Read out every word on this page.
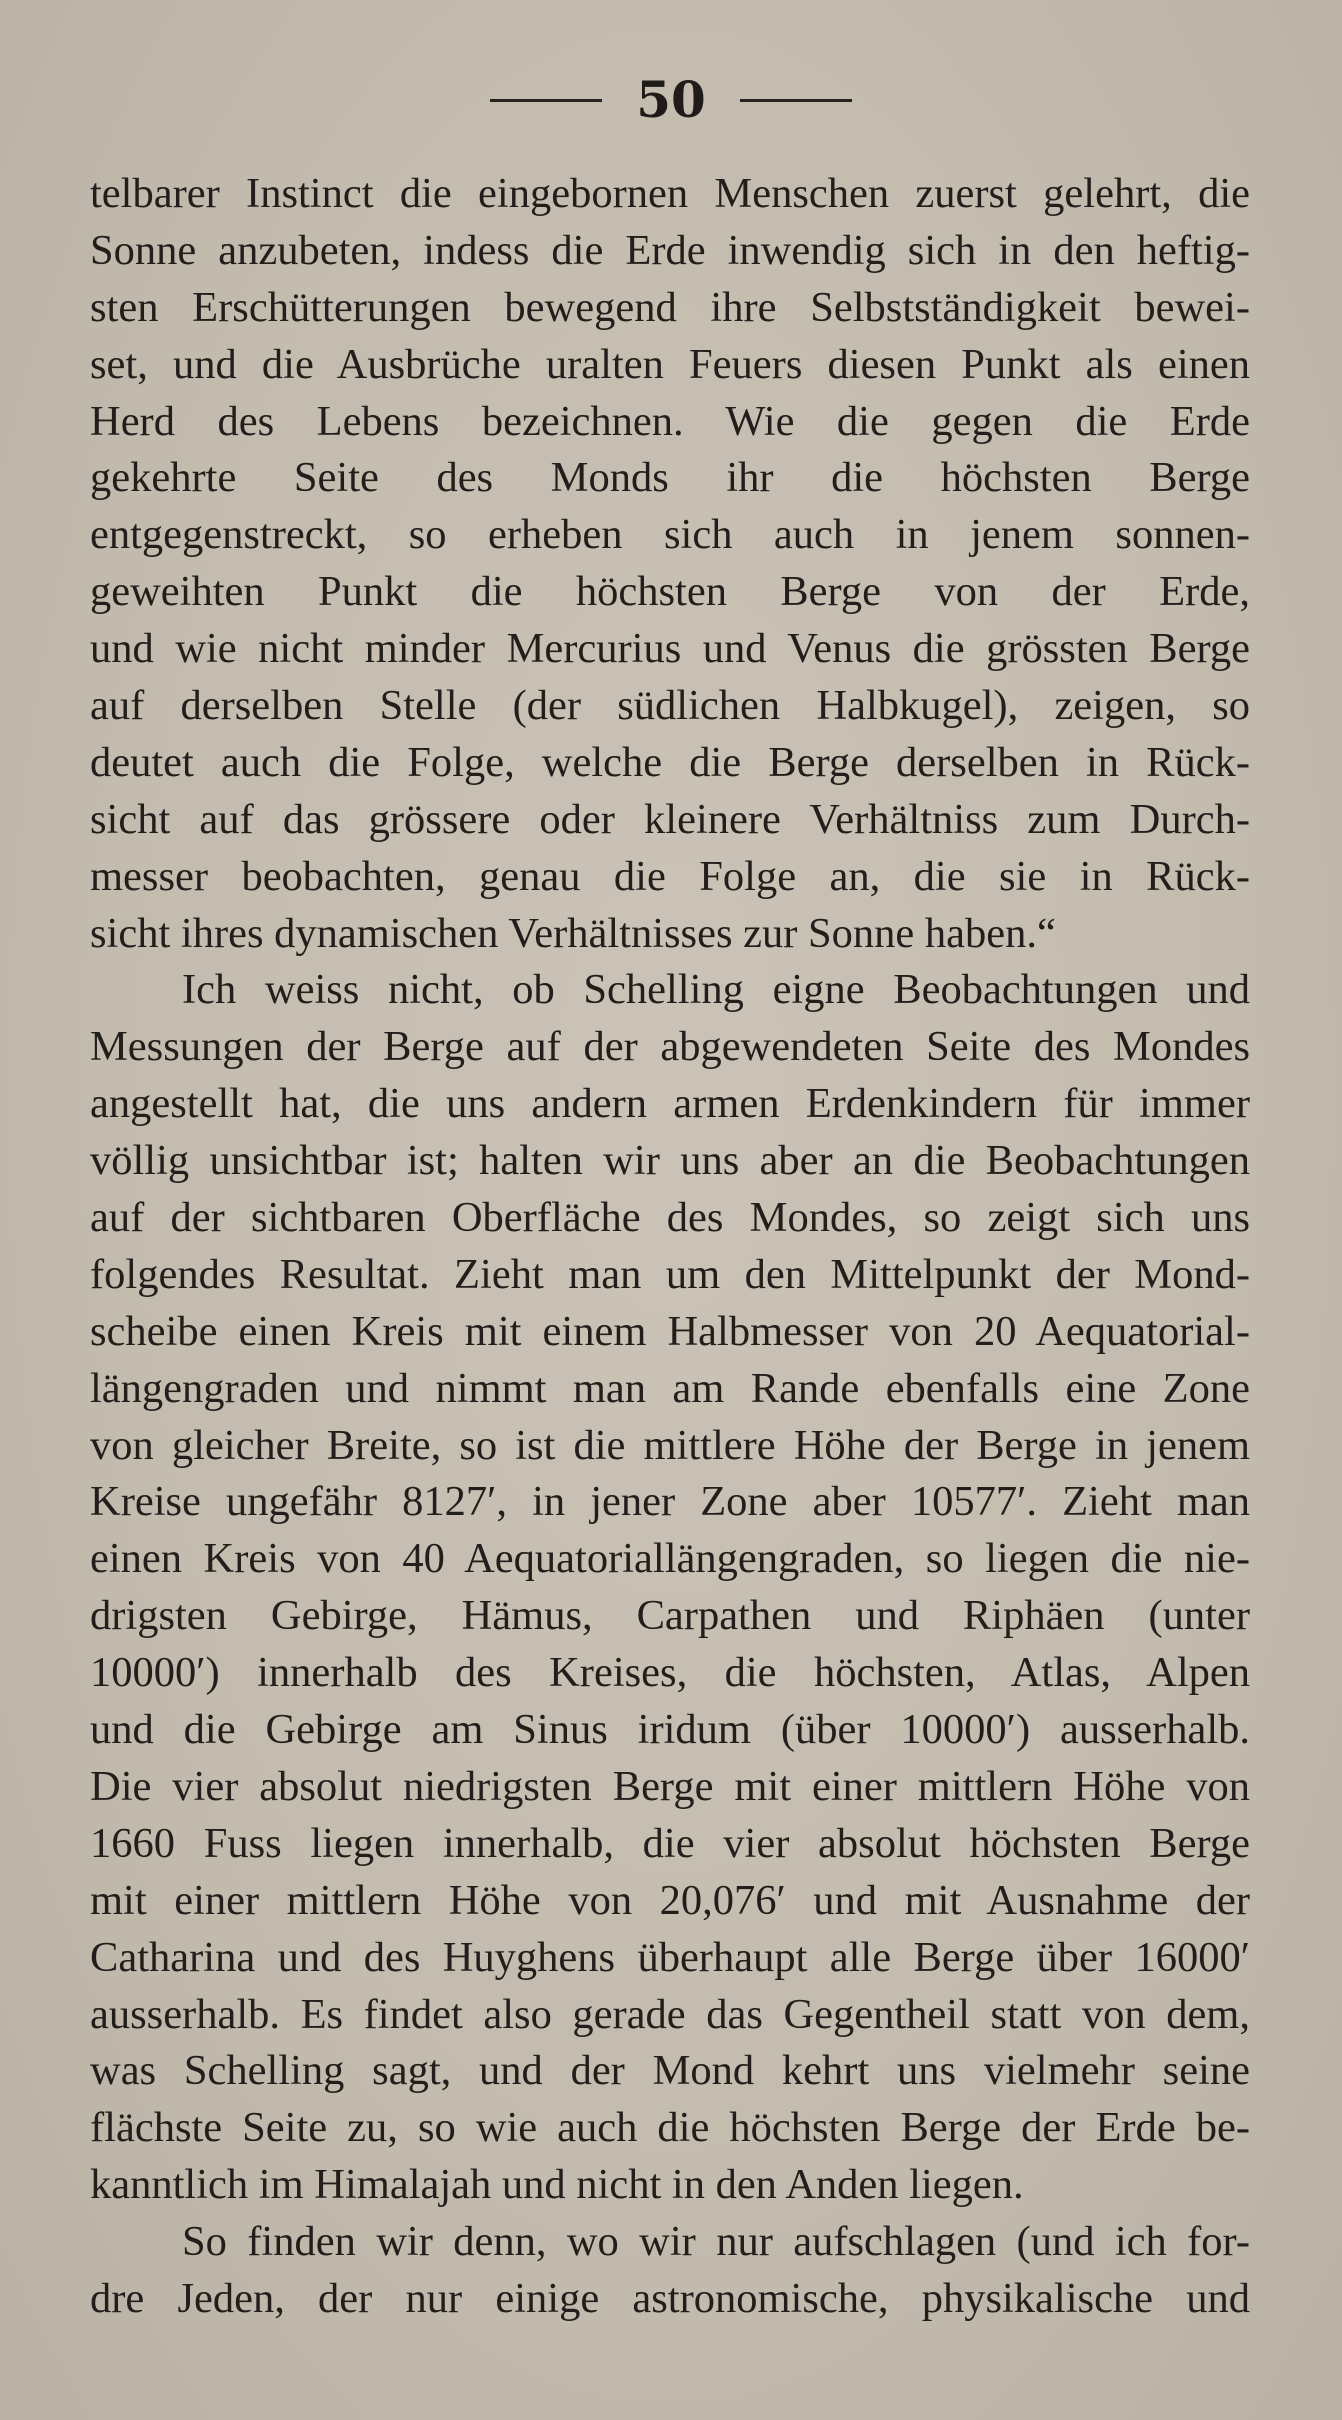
50
telbarer Instinct die eingebornen Menschen zuerst gelehrt, die
Sonne anzubeten, indess die Erde inwendig sich in den heftig-
sten Erschütterungen bewegend ihre Selbstständigkeit bewei-
set, und die Ausbrüche uralten Feuers diesen Punkt als einen
Herd des Lebens bezeichnen. Wie die gegen die Erde
gekehrte Seite des Monds ihr die höchsten Berge
entgegenstreckt, so erheben sich auch in jenem sonnen-
geweihten Punkt die höchsten Berge von der Erde,
und wie nicht minder Mercurius und Venus die grössten Berge
auf derselben Stelle (der südlichen Halbkugel), zeigen, so
deutet auch die Folge, welche die Berge derselben in Rück-
sicht auf das grössere oder kleinere Verhältniss zum Durch-
messer beobachten, genau die Folge an, die sie in Rück-
sicht ihres dynamischen Verhältnisses zur Sonne haben.“
Ich weiss nicht, ob Schelling eigne Beobachtungen und
Messungen der Berge auf der abgewendeten Seite des Mondes
angestellt hat, die uns andern armen Erdenkindern für immer
völlig unsichtbar ist; halten wir uns aber an die Beobachtungen
auf der sichtbaren Oberfläche des Mondes, so zeigt sich uns
folgendes Resultat. Zieht man um den Mittelpunkt der Mond-
scheibe einen Kreis mit einem Halbmesser von 20 Aequatorial-
längengraden und nimmt man am Rande ebenfalls eine Zone
von gleicher Breite, so ist die mittlere Höhe der Berge in jenem
Kreise ungefähr 8127′, in jener Zone aber 10577′. Zieht man
einen Kreis von 40 Aequatoriallängengraden, so liegen die nie-
drigsten Gebirge, Hämus, Carpathen und Riphäen (unter
10000′) innerhalb des Kreises, die höchsten, Atlas, Alpen
und die Gebirge am Sinus iridum (über 10000′) ausserhalb.
Die vier absolut niedrigsten Berge mit einer mittlern Höhe von
1660 Fuss liegen innerhalb, die vier absolut höchsten Berge
mit einer mittlern Höhe von 20,076′ und mit Ausnahme der
Catharina und des Huyghens überhaupt alle Berge über 16000′
ausserhalb. Es findet also gerade das Gegentheil statt von dem,
was Schelling sagt, und der Mond kehrt uns vielmehr seine
flächste Seite zu, so wie auch die höchsten Berge der Erde be-
kanntlich im Himalajah und nicht in den Anden liegen.
So finden wir denn, wo wir nur aufschlagen (und ich for-
dre Jeden, der nur einige astronomische, physikalische und
